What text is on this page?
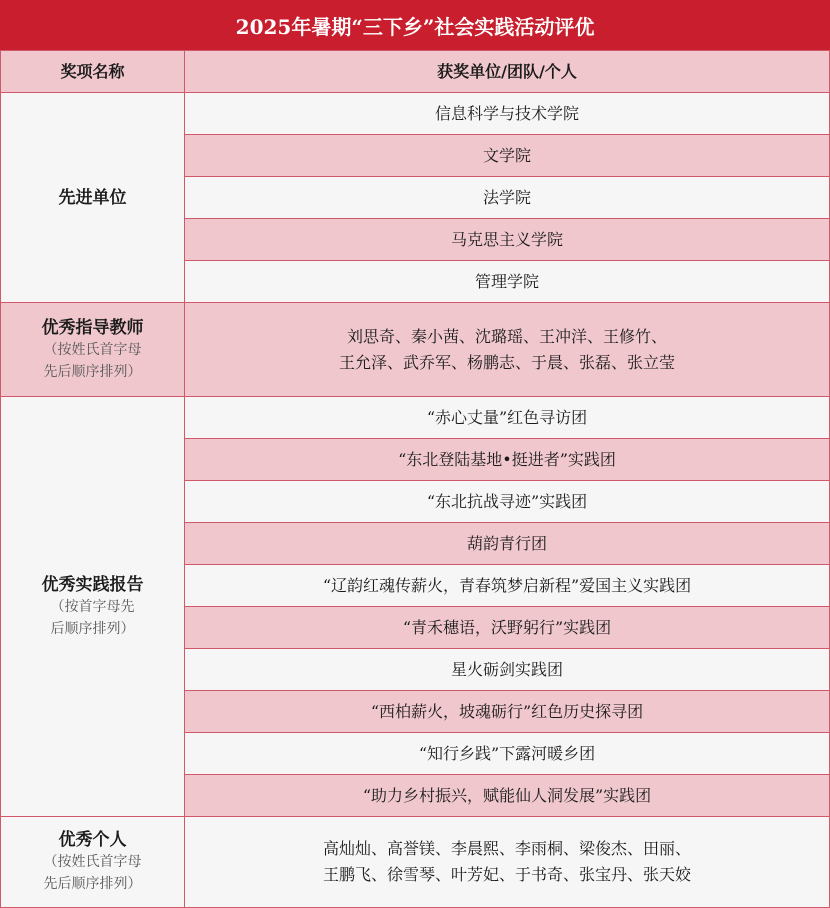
2025年暑期“三下乡”社会实践活动评优
奖项名称	获奖单位/团队/个人

先进单位	信息科学与技术学院
	文学院
	法学院
	马克思主义学院
	管理学院

优秀指导教师
（按姓氏首字母
先后顺序排列）	刘思奇、秦小茜、沈璐瑶、王冲洋、王修竹、
王允泽、武乔军、杨鹏志、于晨、张磊、张立莹

优秀实践报告
（按首字母先
后顺序排列）	“赤心丈量”红色寻访团
	“东北登陆基地•挺进者”实践团
	“东北抗战寻迹”实践团
	葫韵青行团
	“辽韵红魂传薪火，青春筑梦启新程”爱国主义实践团
	“青禾穗语，沃野躬行”实践团
	星火砺剑实践团
	“西柏薪火，坡魂砺行”红色历史探寻团
	“知行乡践”下露河暖乡团
	“助力乡村振兴，赋能仙人洞发展”实践团

优秀个人
（按姓氏首字母
先后顺序排列）	高灿灿、高誉镁、李晨熙、李雨桐、梁俊杰、田丽、
王鹏飞、徐雪琴、叶芳妃、于书奇、张宝丹、张天姣
